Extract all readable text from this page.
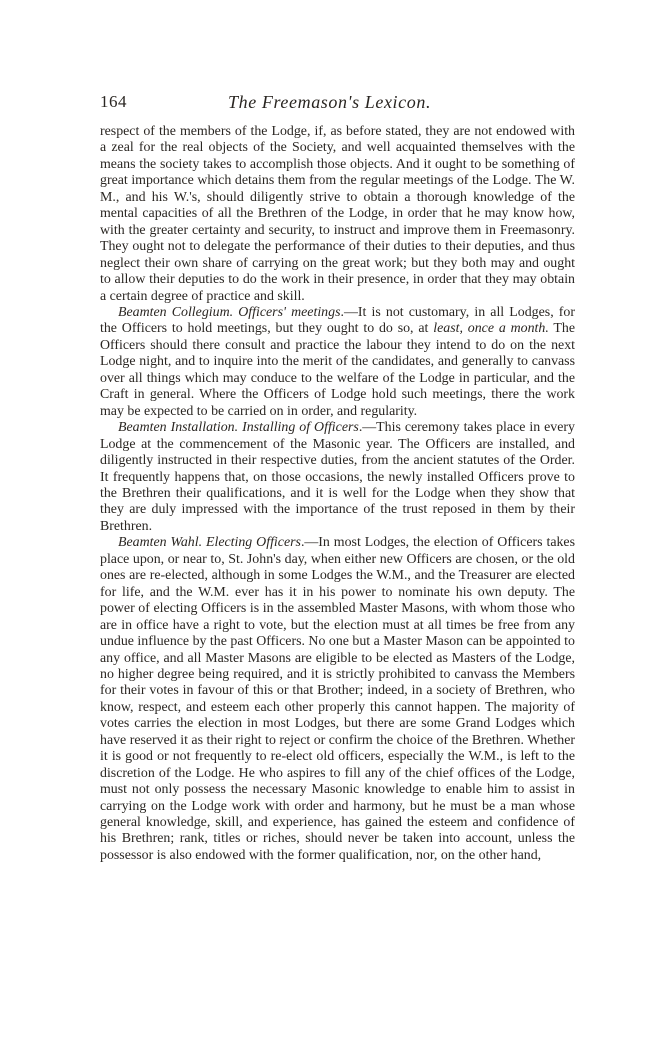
164	The Freemason's Lexicon.

respect of the members of the Lodge, if, as before stated, they are not endowed with a zeal for the real objects of the Society, and well acquainted themselves with the means the society takes to accomplish those objects. And it ought to be something of great importance which detains them from the regular meetings of the Lodge. The W. M., and his W.'s, should diligently strive to obtain a thorough knowledge of the mental capacities of all the Brethren of the Lodge, in order that he may know how, with the greater certainty and security, to instruct and improve them in Freemasonry. They ought not to delegate the performance of their duties to their deputies, and thus neglect their own share of carrying on the great work; but they both may and ought to allow their deputies to do the work in their presence, in order that they may obtain a certain degree of practice and skill.

Beamten Collegium. Officers' meetings.—It is not customary, in all Lodges, for the Officers to hold meetings, but they ought to do so, at least, once a month. The Officers should there consult and practice the labour they intend to do on the next Lodge night, and to inquire into the merit of the candidates, and generally to canvass over all things which may conduce to the welfare of the Lodge in particular, and the Craft in general. Where the Officers of Lodge hold such meetings, there the work may be expected to be carried on in order, and regularity.

Beamten Installation. Installing of Officers.—This ceremony takes place in every Lodge at the commencement of the Masonic year. The Officers are installed, and diligently instructed in their respective duties, from the ancient statutes of the Order. It frequently happens that, on those occasions, the newly installed Officers prove to the Brethren their qualifications, and it is well for the Lodge when they show that they are duly impressed with the importance of the trust reposed in them by their Brethren.

Beamten Wahl. Electing Officers.—In most Lodges, the election of Officers takes place upon, or near to, St. John's day, when either new Officers are chosen, or the old ones are re-elected, although in some Lodges the W.M., and the Treasurer are elected for life, and the W.M. ever has it in his power to nominate his own deputy. The power of electing Officers is in the assembled Master Masons, with whom those who are in office have a right to vote, but the election must at all times be free from any undue influence by the past Officers. No one but a Master Mason can be appointed to any office, and all Master Masons are eligible to be elected as Masters of the Lodge, no higher degree being required, and it is strictly prohibited to canvass the Members for their votes in favour of this or that Brother; indeed, in a society of Brethren, who know, respect, and esteem each other properly this cannot happen. The majority of votes carries the election in most Lodges, but there are some Grand Lodges which have reserved it as their right to reject or confirm the choice of the Brethren. Whether it is good or not frequently to re-elect old officers, especially the W.M., is left to the discretion of the Lodge. He who aspires to fill any of the chief offices of the Lodge, must not only possess the necessary Masonic knowledge to enable him to assist in carrying on the Lodge work with order and harmony, but he must be a man whose general knowledge, skill, and experience, has gained the esteem and confidence of his Brethren; rank, titles or riches, should never be taken into account, unless the possessor is also endowed with the former qualification, nor, on the other hand,
